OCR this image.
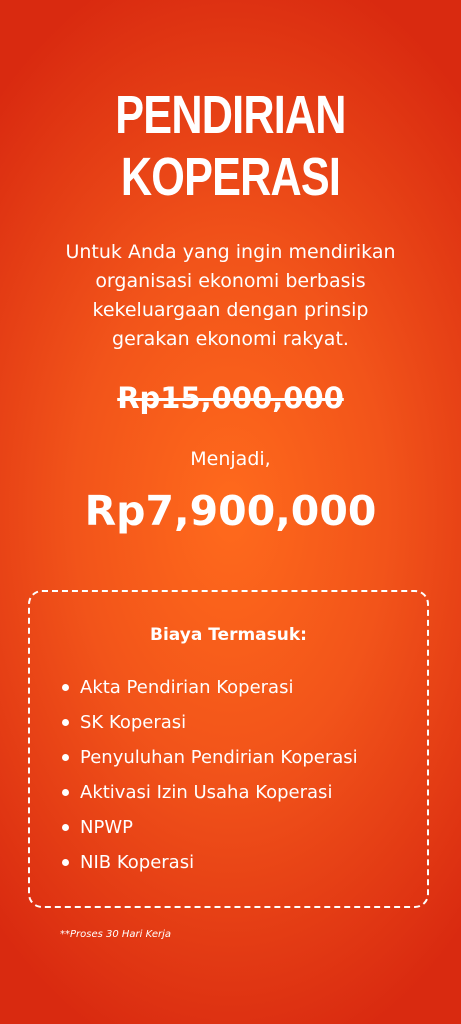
PENDIRIAN
KOPERASI

Untuk Anda yang ingin mendirikan
organisasi ekonomi berbasis
kekeluargaan dengan prinsip
gerakan ekonomi rakyat.

Rp15,000,000
Menjadi,
Rp7,900,000
Biaya Termasuk:
Akta Pendirian Koperasi
SK Koperasi
Penyuluhan Pendirian Koperasi
Aktivasi Izin Usaha Koperasi
NPWP
NIB Koperasi
**Proses 30 Hari Kerja
